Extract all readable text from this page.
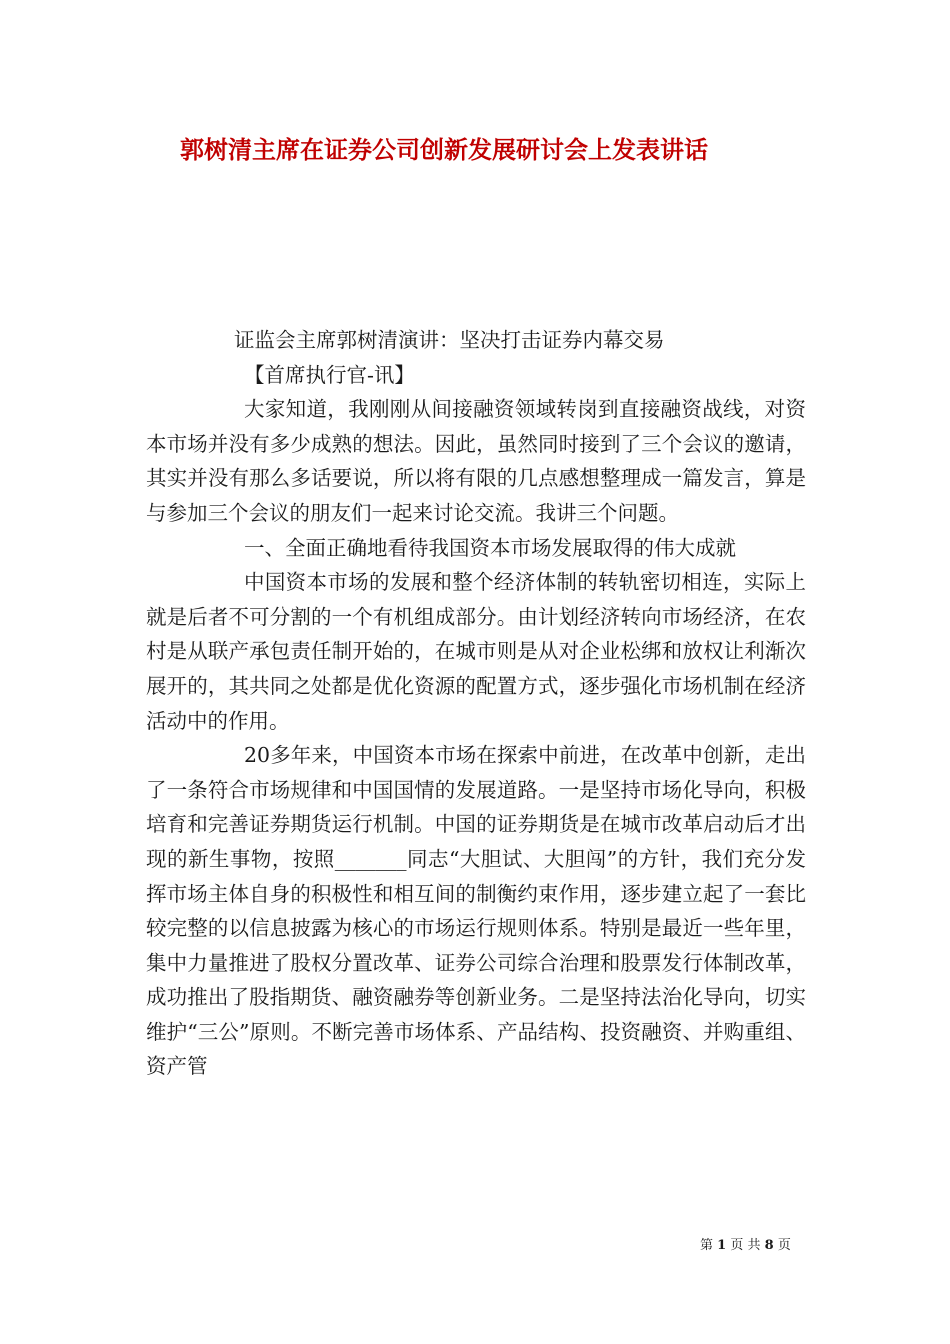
郭树清主席在证券公司创新发展研讨会上发表讲话

证监会主席郭树清演讲：坚决打击证券内幕交易

【首席执行官-讯】

大家知道，我刚刚从间接融资领域转岗到直接融资战线，对资本市场并没有多少成熟的想法。因此，虽然同时接到了三个会议的邀请，其实并没有那么多话要说，所以将有限的几点感想整理成一篇发言，算是与参加三个会议的朋友们一起来讨论交流。我讲三个问题。

一、全面正确地看待我国资本市场发展取得的伟大成就

中国资本市场的发展和整个经济体制的转轨密切相连，实际上就是后者不可分割的一个有机组成部分。由计划经济转向市场经济，在农村是从联产承包责任制开始的，在城市则是从对企业松绑和放权让利渐次展开的，其共同之处都是优化资源的配置方式，逐步强化市场机制在经济活动中的作用。

20多年来，中国资本市场在探索中前进，在改革中创新，走出了一条符合市场规律和中国国情的发展道路。一是坚持市场化导向，积极培育和完善证券期货运行机制。中国的证券期货是在城市改革启动后才出现的新生事物，按照_______同志“大胆试、大胆闯”的方针，我们充分发挥市场主体自身的积极性和相互间的制衡约束作用，逐步建立起了一套比较完整的以信息披露为核心的市场运行规则体系。特别是最近一些年里，集中力量推进了股权分置改革、证券公司综合治理和股票发行体制改革，成功推出了股指期货、融资融券等创新业务。二是坚持法治化导向，切实维护“三公”原则。不断完善市场体系、产品结构、投资融资、并购重组、资产管

第 1 页 共 8 页
